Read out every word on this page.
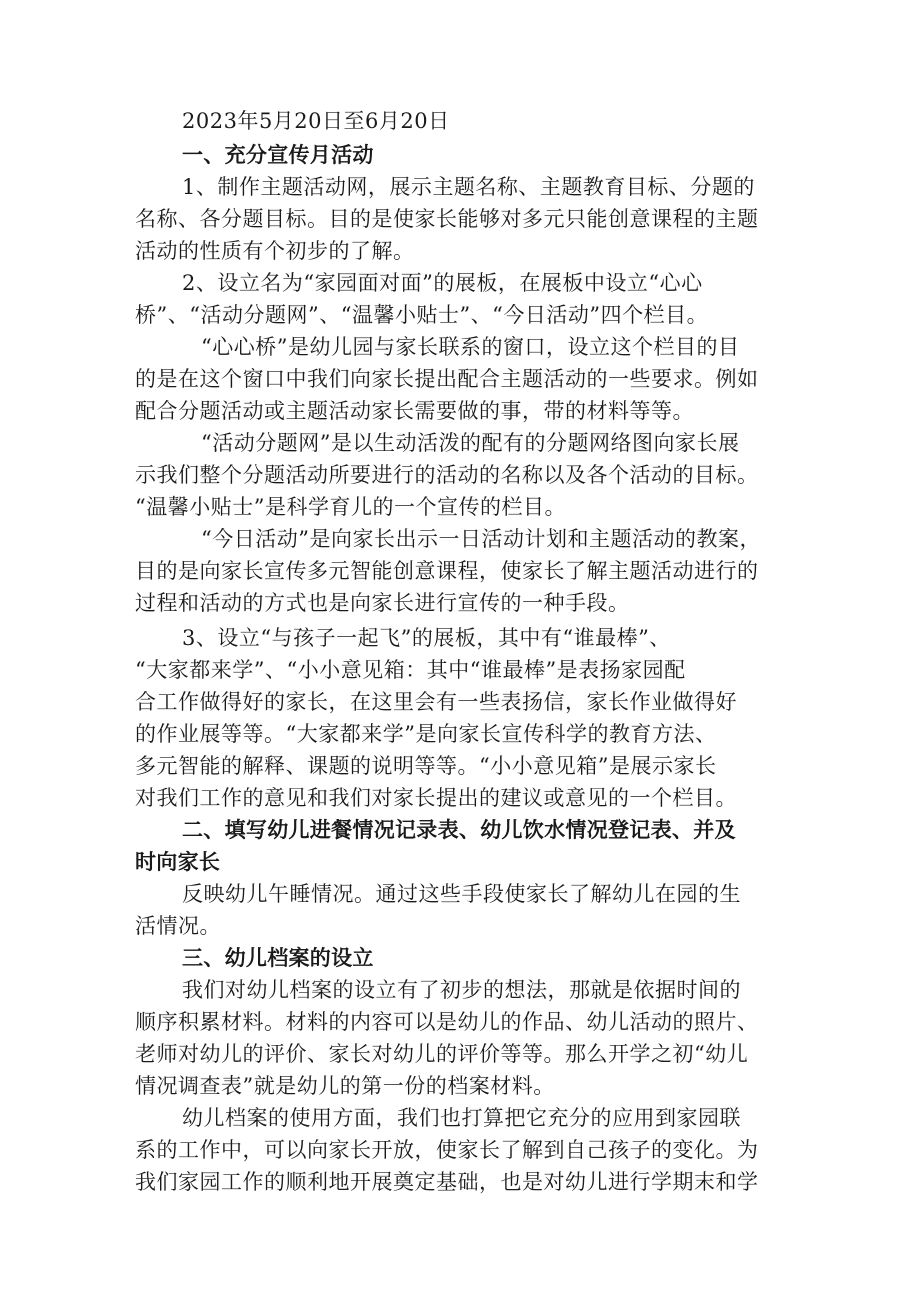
2023年5月20日至6月20日
一、充分宣传月活动
1、制作主题活动网，展示主题名称、主题教育目标、分题的
名称、各分题目标。目的是使家长能够对多元只能创意课程的主题
活动的性质有个初步的了解。
2、设立名为“家园面对面”的展板，在展板中设立“心心
桥”、“活动分题网”、“温馨小贴士”、“今日活动”四个栏目。
“心心桥”是幼儿园与家长联系的窗口，设立这个栏目的目
的是在这个窗口中我们向家长提出配合主题活动的一些要求。例如
配合分题活动或主题活动家长需要做的事，带的材料等等。
“活动分题网”是以生动活泼的配有的分题网络图向家长展
示我们整个分题活动所要进行的活动的名称以及各个活动的目标。
“温馨小贴士”是科学育儿的一个宣传的栏目。
“今日活动”是向家长出示一日活动计划和主题活动的教案，
目的是向家长宣传多元智能创意课程，使家长了解主题活动进行的
过程和活动的方式也是向家长进行宣传的一种手段。
3、设立“与孩子一起飞”的展板，其中有“谁最棒”、
“大家都来学”、“小小意见箱：其中“谁最棒”是表扬家园配
合工作做得好的家长，在这里会有一些表扬信，家长作业做得好
的作业展等等。“大家都来学”是向家长宣传科学的教育方法、
多元智能的解释、课题的说明等等。“小小意见箱”是展示家长
对我们工作的意见和我们对家长提出的建议或意见的一个栏目。
二、填写幼儿进餐情况记录表、幼儿饮水情况登记表、并及
时向家长
反映幼儿午睡情况。通过这些手段使家长了解幼儿在园的生
活情况。
三、幼儿档案的设立
我们对幼儿档案的设立有了初步的想法，那就是依据时间的
顺序积累材料。材料的内容可以是幼儿的作品、幼儿活动的照片、
老师对幼儿的评价、家长对幼儿的评价等等。那么开学之初“幼儿
情况调查表”就是幼儿的第一份的档案材料。
幼儿档案的使用方面，我们也打算把它充分的应用到家园联
系的工作中，可以向家长开放，使家长了解到自己孩子的变化。为
我们家园工作的顺利地开展奠定基础，也是对幼儿进行学期末和学
